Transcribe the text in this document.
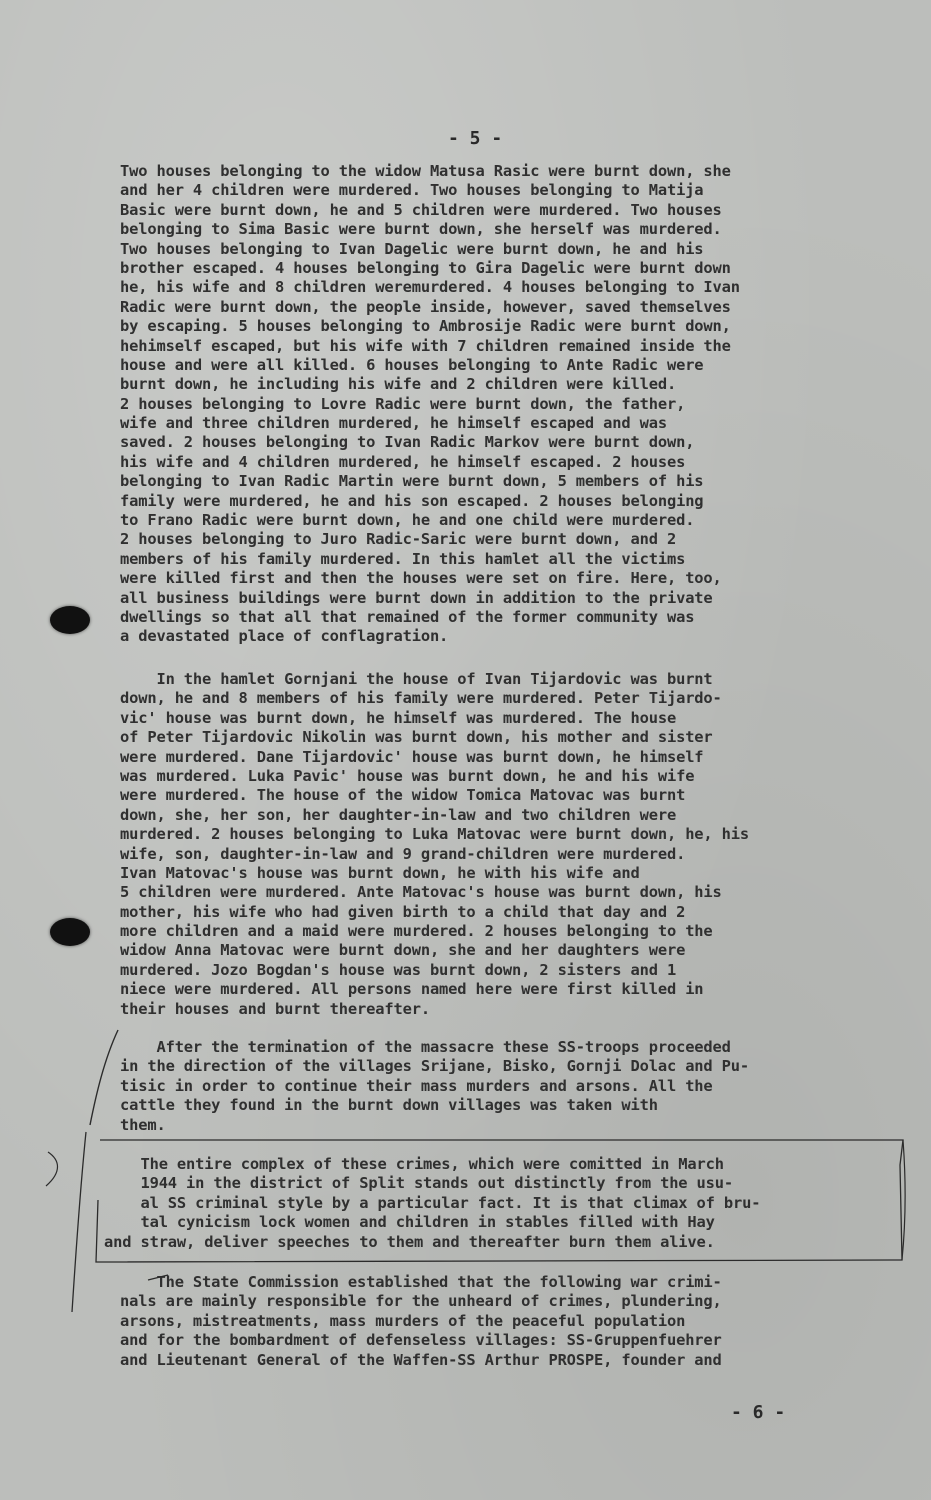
- 5 -
Two houses belonging to the widow Matusa Rasic were burnt down, she
and her 4 children were murdered. Two houses belonging to Matija
Basic were burnt down, he and 5 children were murdered. Two houses
belonging to Sima Basic were burnt down, she herself was murdered.
Two houses belonging to Ivan Dagelic were burnt down, he and his
brother escaped. 4 houses belonging to Gira Dagelic were burnt down
he, his wife and 8 children weremurdered. 4 houses belonging to Ivan
Radic were burnt down, the people inside, however, saved themselves
by escaping. 5 houses belonging to Ambrosije Radic were burnt down,
hehimself escaped, but his wife with 7 children remained inside the
house and were all killed. 6 houses belonging to Ante Radic were
burnt down, he including his wife and 2 children were killed.
2 houses belonging to Lovre Radic were burnt down, the father,
wife and three children murdered, he himself escaped and was
saved. 2 houses belonging to Ivan Radic Markov were burnt down,
his wife and 4 children murdered, he himself escaped. 2 houses
belonging to Ivan Radic Martin were burnt down, 5 members of his
family were murdered, he and his son escaped. 2 houses belonging
to Frano Radic were burnt down, he and one child were murdered.
2 houses belonging to Juro Radic-Saric were burnt down, and 2
members of his family murdered. In this hamlet all the victims
were killed first and then the houses were set on fire. Here, too,
all business buildings were burnt down in addition to the private
dwellings so that all that remained of the former community was
a devastated place of conflagration.
In the hamlet Gornjani the house of Ivan Tijardovic was burnt
down, he and 8 members of his family were murdered. Peter Tijardo-
vic' house was burnt down, he himself was murdered. The house
of Peter Tijardovic Nikolin was burnt down, his mother and sister
were murdered. Dane Tijardovic' house was burnt down, he himself
was murdered. Luka Pavic' house was burnt down, he and his wife
were murdered. The house of the widow Tomica Matovac was burnt
down, she, her son, her daughter-in-law and two children were
murdered. 2 houses belonging to Luka Matovac were burnt down, he, his
wife, son, daughter-in-law and 9 grand-children were murdered.
Ivan Matovac's house was burnt down, he with his wife and
5 children were murdered. Ante Matovac's house was burnt down, his
mother, his wife who had given birth to a child that day and 2
more children and a maid were murdered. 2 houses belonging to the
widow Anna Matovac were burnt down, she and her daughters were
murdered. Jozo Bogdan's house was burnt down, 2 sisters and 1
niece were murdered. All persons named here were first killed in
their houses and burnt thereafter.
After the termination of the massacre these SS-troops proceeded
in the direction of the villages Srijane, Bisko, Gornji Dolac and Pu-
tisic in order to continue their mass murders and arsons. All the
cattle they found in the burnt down villages was taken with
them.
The entire complex of these crimes, which were comitted in March
1944 in the district of Split stands out distinctly from the usu-
al SS criminal style by a particular fact. It is that climax of bru-
tal cynicism lock women and children in stables filled with Hay
and straw, deliver speeches to them and thereafter burn them alive.
The State Commission established that the following war crimi-
nals are mainly responsible for the unheard of crimes, plundering,
arsons, mistreatments, mass murders of the peaceful population
and for the bombardment of defenseless villages: SS-Gruppenfuehrer
and Lieutenant General of the Waffen-SS Arthur PROSPE, founder and
- 6 -
